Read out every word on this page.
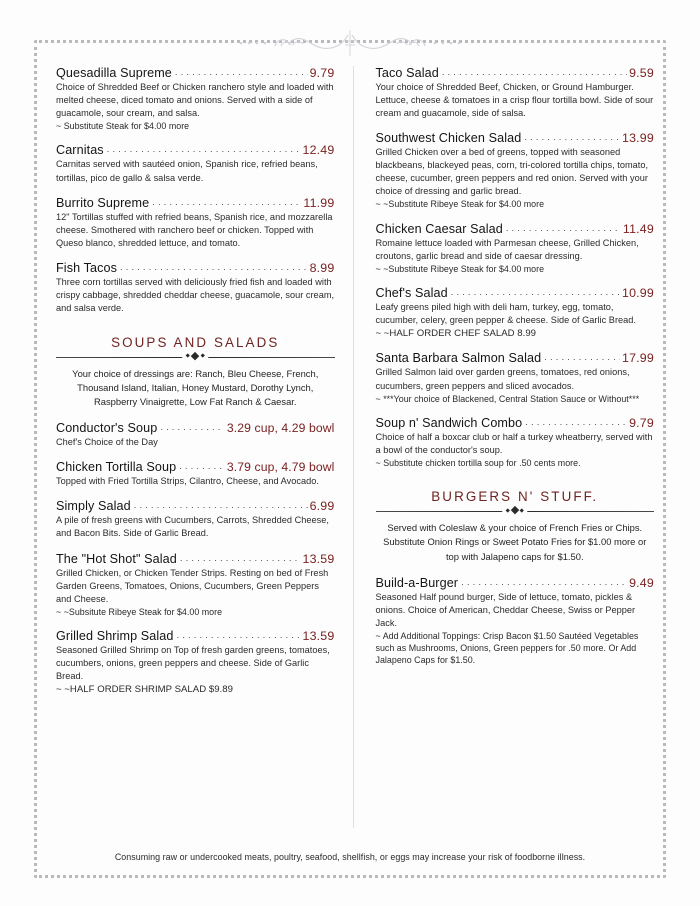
Quesadilla Supreme .....	9.79
Choice of Shredded Beef or Chicken ranchero style and loaded with melted cheese, diced tomato and onions. Served with a side of guacamole, sour cream, and salsa.
~ Substitute Steak for $4.00 more
Carnitas .....	12.49
Carnitas served with sautéed onion, Spanish rice, refried beans, tortillas, pico de gallo & salsa verde.
Burrito Supreme .....	11.99
12" Tortillas stuffed with refried beans, Spanish rice, and mozzarella cheese. Smothered with ranchero beef or chicken. Topped with Queso blanco, shredded lettuce, and tomato.
Fish Tacos .....	8.99
Three corn tortillas served with deliciously fried fish and loaded with crispy cabbage, shredded cheddar cheese, guacamole, sour cream, and salsa verde.
SOUPS AND SALADS
Your choice of dressings are: Ranch, Bleu Cheese, French, Thousand Island, Italian, Honey Mustard, Dorothy Lynch, Raspberry Vinaigrette, Low Fat Ranch & Caesar.
Conductor's Soup .....	3.29 cup, 4.29 bowl
Chef's Choice of the Day
Chicken Tortilla Soup .....	3.79 cup, 4.79 bowl
Topped with Fried Tortilla Strips, Cilantro, Cheese, and Avocado.
Simply Salad .....	6.99
A pile of fresh greens with Cucumbers, Carrots, Shredded Cheese, and Bacon Bits. Side of Garlic Bread.
The "Hot Shot" Salad .....	13.59
Grilled Chicken, or Chicken Tender Strips. Resting on bed of Fresh Garden Greens, Tomatoes, Onions, Cucumbers, Green Peppers and Cheese.
~ ~Subsitute Ribeye Steak for $4.00 more
Grilled Shrimp Salad .....	13.59
Seasoned Grilled Shrimp on Top of fresh garden greens, tomatoes, cucumbers, onions, green peppers and cheese. Side of Garlic Bread.
~ ~HALF ORDER SHRIMP SALAD $9.89
Taco Salad .....	9.59
Your choice of Shredded Beef, Chicken, or Ground Hamburger. Lettuce, cheese & tomatoes in a crisp flour tortilla bowl. Side of sour cream and guacamole, side of salsa.
Southwest Chicken Salad .....	13.99
Grilled Chicken over a bed of greens, topped with seasoned blackbeans, blackeyed peas, corn, tri-colored tortilla chips, tomato, cheese, cucumber, green peppers and red onion. Served with your choice of dressing and garlic bread.
~ ~Substitute Ribeye Steak for $4.00 more
Chicken Caesar Salad .....	11.49
Romaine lettuce loaded with Parmesan cheese, Grilled Chicken, croutons, garlic bread and side of caesar dressing.
~ ~Substitute Ribeye Steak for $4.00 more
Chef's Salad .....	10.99
Leafy greens piled high with deli ham, turkey, egg, tomato, cucumber, celery, green pepper & cheese. Side of Garlic Bread.
~ ~HALF ORDER CHEF SALAD 8.99
Santa Barbara Salmon Salad .....	17.99
Grilled Salmon laid over garden greens, tomatoes, red onions, cucumbers, green peppers and sliced avocados.
~ ***Your choice of Blackened, Central Station Sauce or Without***
Soup n' Sandwich Combo .....	9.79
Choice of half a boxcar club or half a turkey wheatberry, served with a bowl of the conductor's soup.
~ Substitute chicken tortilla soup for .50 cents more.
BURGERS N' STUFF.
Served with Coleslaw & your choice of French Fries or Chips. Substitute Onion Rings or Sweet Potato Fries for $1.00 more or top with Jalapeno caps for $1.50.
Build-a-Burger .....	9.49
Seasoned Half pound burger, Side of lettuce, tomato, pickles & onions. Choice of American, Cheddar Cheese, Swiss or Pepper Jack.
~ Add Additional Toppings: Crisp Bacon $1.50 Sautéed Vegetables such as Mushrooms, Onions, Green peppers for .50 more. Or Add Jalapeno Caps for $1.50.
Consuming raw or undercooked meats, poultry, seafood, shellfish, or eggs may increase your risk of foodborne illness.
